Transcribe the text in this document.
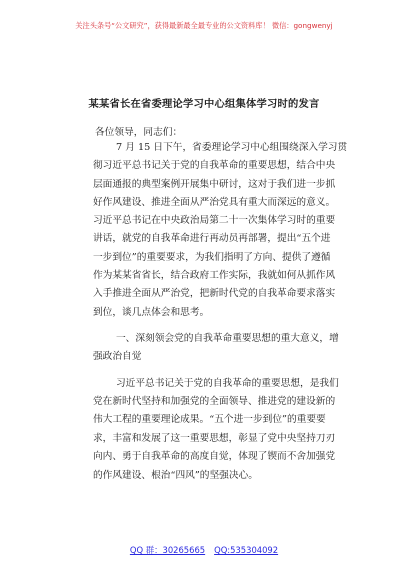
关注头条号“公文研究”，获得最新最全最专业的公文资料库！ 微信：gongwenyj
某某省长在省委理论学习中心组集体学习时的发言
各位领导，同志们：
7 月 15 日下午，省委理论学习中心组围绕深入学习贯
彻习近平总书记关于党的自我革命的重要思想，结合中央
层面通报的典型案例开展集中研讨，这对于我们进一步抓
好作风建设、推进全面从严治党具有重大而深远的意义。
习近平总书记在中央政治局第二十一次集体学习时的重要
讲话，就党的自我革命进行再动员再部署，提出“五个进
一步到位”的重要要求，为我们指明了方向、提供了遵循
作为某某省省长，结合政府工作实际，我就如何从抓作风
入手推进全面从严治党，把新时代党的自我革命要求落实
到位，谈几点体会和思考。
一、深刻领会党的自我革命重要思想的重大意义，增
强政治自觉
习近平总书记关于党的自我革命的重要思想，是我们
党在新时代坚持和加强党的全面领导、推进党的建设新的
伟大工程的重要理论成果。“五个进一步到位”的重要要
求，丰富和发展了这一重要思想，彰显了党中央坚持刀刃
向内、勇于自我革命的高度自觉，体现了锲而不舍加强党
的作风建设、根治“四风”的坚强决心。
QQ 群：30265665 QQ:535304092
